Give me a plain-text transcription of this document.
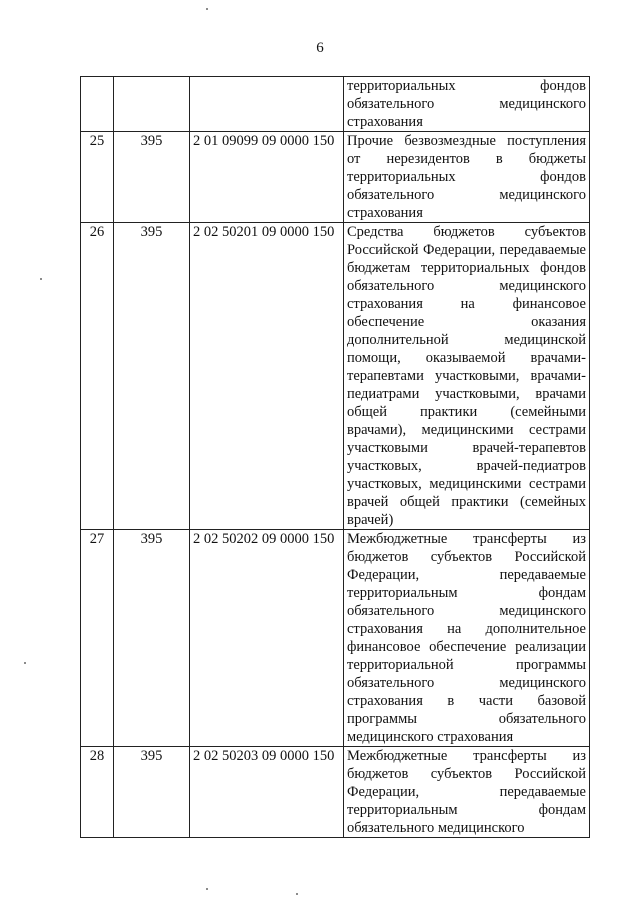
6

			территориальных фондов обязательного медицинского страхования

25	395	2 01 09099 09 0000 150	Прочие безвозмездные поступления от нерезидентов в бюджеты территориальных фондов обязательного медицинского страхования

26	395	2 02 50201 09 0000 150	Средства бюджетов субъектов Российской Федерации, передаваемые бюджетам территориальных фондов обязательного медицинского страхования на финансовое обеспечение оказания дополнительной медицинской помощи, оказываемой врачами-терапевтами участковыми, врачами-педиатрами участковыми, врачами общей практики (семейными врачами), медицинскими сестрами участковыми врачей-терапевтов участковых, врачей-педиатров участковых, медицинскими сестрами врачей общей практики (семейных врачей)

27	395	2 02 50202 09 0000 150	Межбюджетные трансферты из бюджетов субъектов Российской Федерации, передаваемые территориальным фондам обязательного медицинского страхования на дополнительное финансовое обеспечение реализации территориальной программы обязательного медицинского страхования в части базовой программы обязательного медицинского страхования

28	395	2 02 50203 09 0000 150	Межбюджетные трансферты из бюджетов субъектов Российской Федерации, передаваемые территориальным фондам обязательного медицинского
